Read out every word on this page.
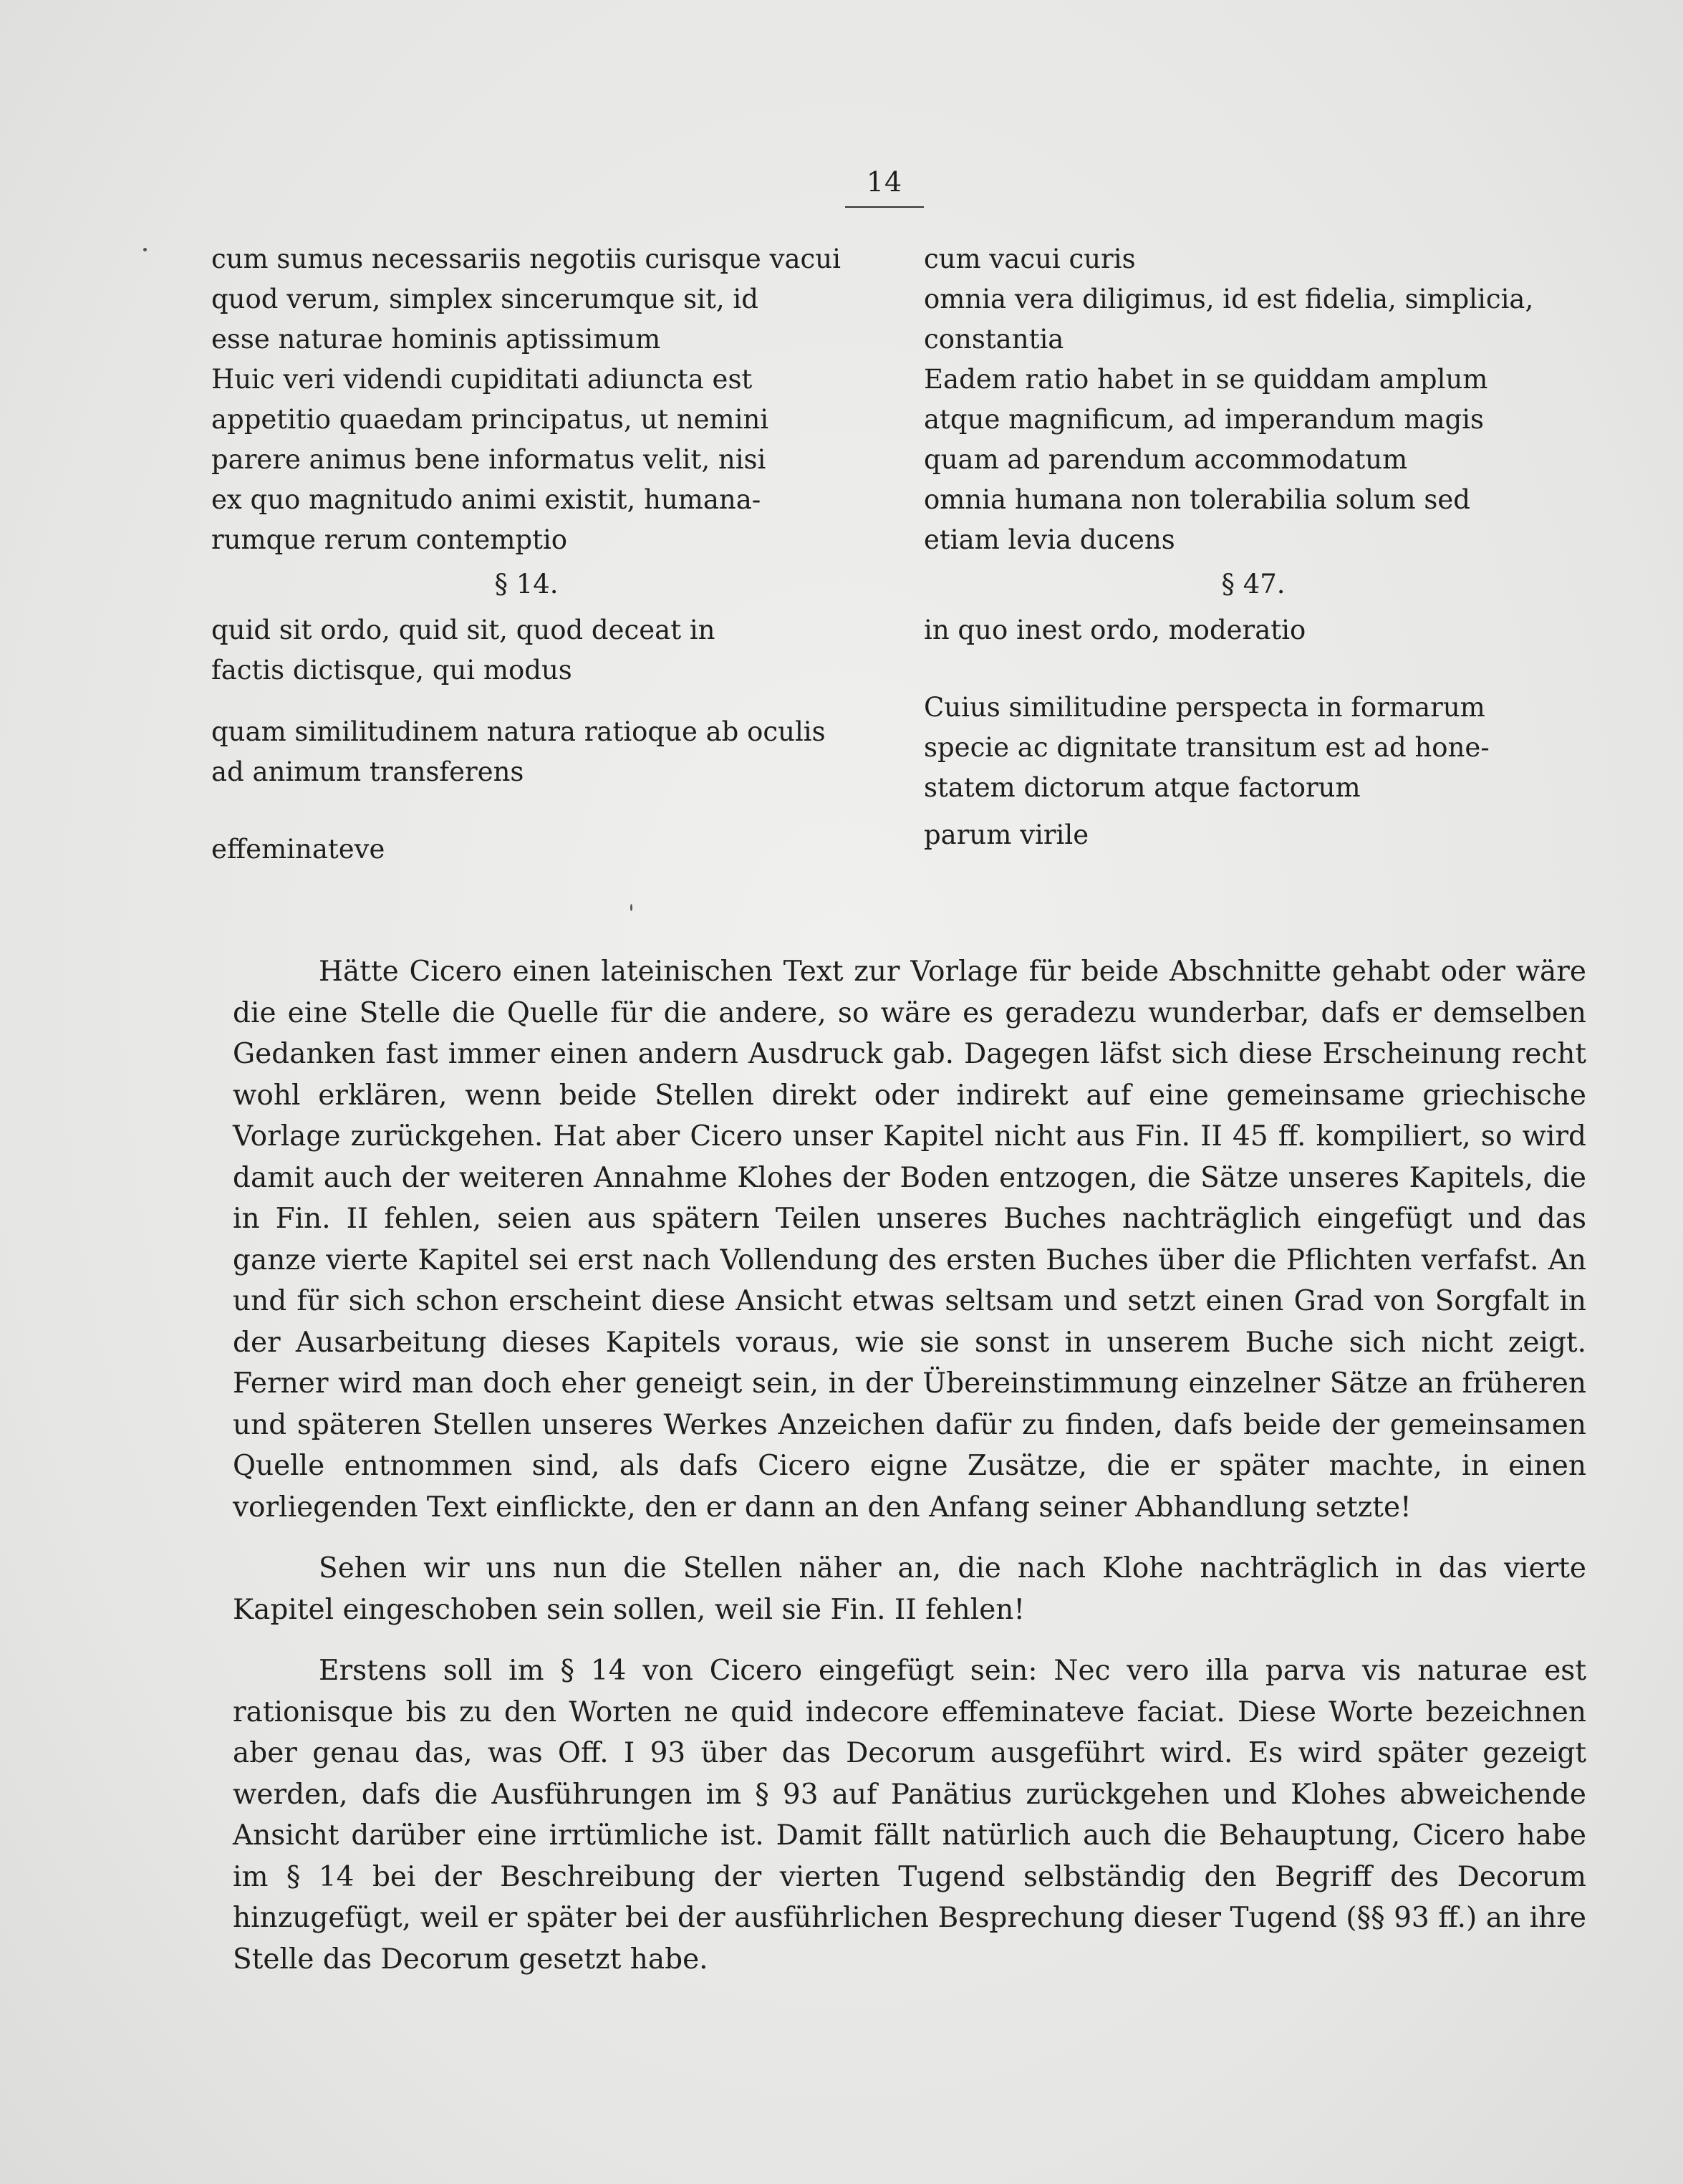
14

cum sumus necessariis negotiis curisque vacui

quod verum, simplex sincerumque sit, id

esse naturae hominis aptissimum

Huic veri videndi cupiditati adiuncta est

appetitio quaedam principatus, ut nemini

parere animus bene informatus velit, nisi

ex quo magnitudo animi existit, humana-

rumque rerum contemptio

§ 14.

quid sit ordo, quid sit, quod deceat in

factis dictisque, qui modus

quam similitudinem natura ratioque ab oculis

ad animum transferens

effeminateve

cum vacui curis

omnia vera diligimus, id est fidelia, simplicia,

constantia

Eadem ratio habet in se quiddam amplum

atque magnificum, ad imperandum magis

quam ad parendum accommodatum

omnia humana non tolerabilia solum sed

etiam levia ducens

§ 47.

in quo inest ordo, moderatio

Cuius similitudine perspecta in formarum

specie ac dignitate transitum est ad hone-

statem dictorum atque factorum

parum virile

Hätte Cicero einen lateinischen Text zur Vorlage für beide Abschnitte gehabt oder wäre die eine Stelle die Quelle für die andere, so wäre es geradezu wunderbar, dafs er demselben Gedanken fast immer einen andern Ausdruck gab. Dagegen läfst sich diese Erscheinung recht wohl erklären, wenn beide Stellen direkt oder indirekt auf eine gemeinsame griechische Vorlage zurückgehen. Hat aber Cicero unser Kapitel nicht aus Fin. II 45 ff. kompiliert, so wird damit auch der weiteren Annahme Klohes der Boden entzogen, die Sätze unseres Kapitels, die in Fin. II fehlen, seien aus spätern Teilen unseres Buches nachträglich eingefügt und das ganze vierte Kapitel sei erst nach Vollendung des ersten Buches über die Pflichten verfafst. An und für sich schon erscheint diese Ansicht etwas seltsam und setzt einen Grad von Sorgfalt in der Ausarbeitung dieses Kapitels voraus, wie sie sonst in unserem Buche sich nicht zeigt. Ferner wird man doch eher geneigt sein, in der Übereinstimmung einzelner Sätze an früheren und späteren Stellen unseres Werkes Anzeichen dafür zu finden, dafs beide der gemeinsamen Quelle entnommen sind, als dafs Cicero eigne Zusätze, die er später machte, in einen vorliegenden Text einflickte, den er dann an den Anfang seiner Abhandlung setzte!

Sehen wir uns nun die Stellen näher an, die nach Klohe nachträglich in das vierte Kapitel eingeschoben sein sollen, weil sie Fin. II fehlen!

Erstens soll im § 14 von Cicero eingefügt sein: Nec vero illa parva vis naturae est rationisque bis zu den Worten ne quid indecore effeminateve faciat. Diese Worte bezeichnen aber genau das, was Off. I 93 über das Decorum ausgeführt wird. Es wird später gezeigt werden, dafs die Ausführungen im § 93 auf Panätius zurückgehen und Klohes abweichende Ansicht darüber eine irrtümliche ist. Damit fällt natürlich auch die Behauptung, Cicero habe im § 14 bei der Beschreibung der vierten Tugend selbständig den Begriff des Decorum hinzugefügt, weil er später bei der ausführlichen Besprechung dieser Tugend (§§ 93 ff.) an ihre Stelle das Decorum gesetzt habe.
